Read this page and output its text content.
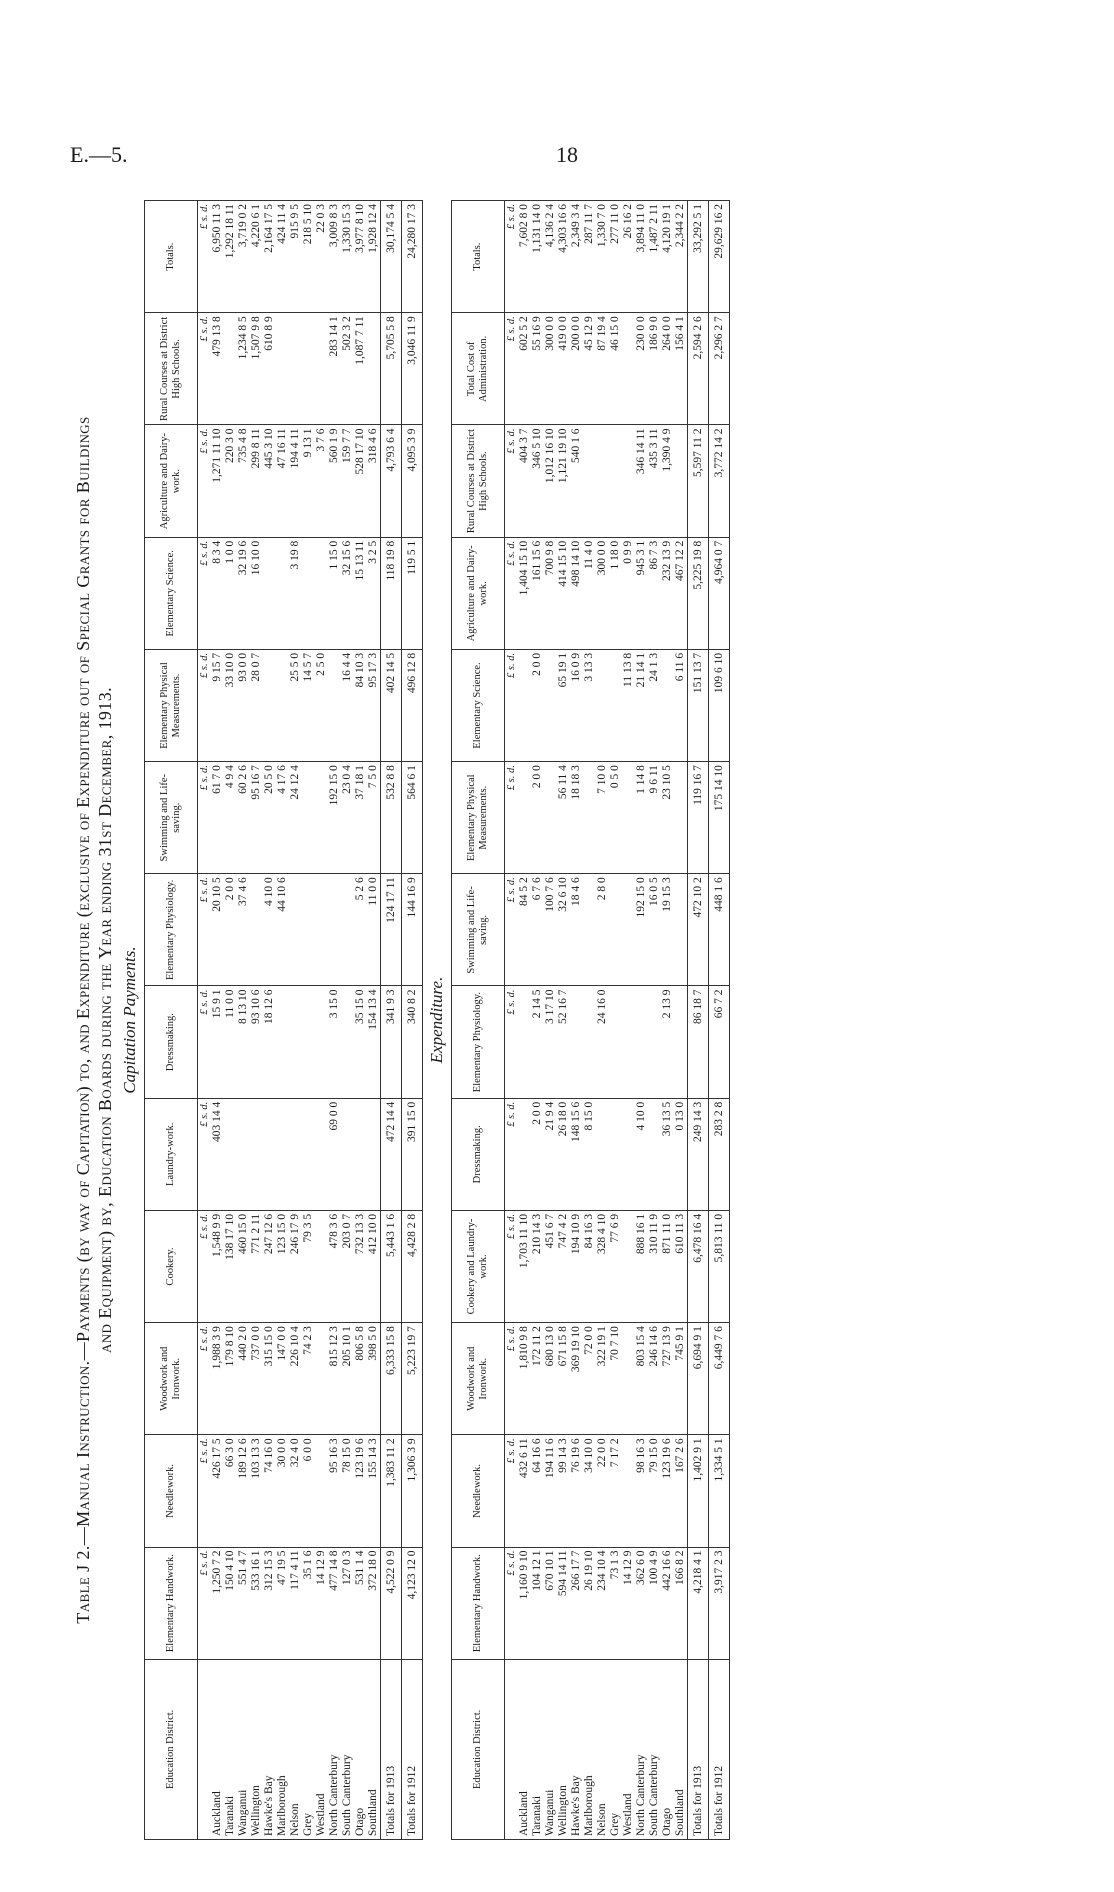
E.—5.	18
Table J 2.—Manual Instruction.—Payments (by way of Capitation) to, and Expenditure (exclusive of Expenditure out of Special Grants for Buildings and Equipment) by, Education Boards during the Year ending 31st December, 1913. Capitation Payments.
Education District.	Elementary Handwork.	Needlework.	Woodwork and Ironwork.	Cookery.	Laundry-work.	Dressmaking.	Elementary Physiology.	Swimming and Life-saving.	Elementary Physical Measurements.	Elementary Science.	Agriculture and Dairy-work.	Rural Courses at District High Schools.	Totals.
	£ s. d.	£ s. d.	£ s. d.	£ s. d.	£ s. d.	£ s. d.	£ s. d.	£ s. d.	£ s. d.	£ s. d.	£ s. d.	£ s. d.	£ s. d.
Auckland	1,250 7 2	426 17 5	1,988 3 9	1,548 9 9	403 14 4	15 9 1	20 10 5	61 7 0	9 15 7	8 3 4	1,271 11 10	479 13 8	6,950 11 3
Taranaki	150 4 10	66 3 0	179 8 10	138 17 10		11 0 0	2 0 0	4 9 4	33 10 0	1 0 0	220 3 0		1,292 18 11
Wanganui	551 4 7	189 12 6	440 2 0	460 15 0		8 13 10	37 4 6	60 2 6	93 0 0	32 19 6	735 4 8	1,234 8 5	3,719 0 2
Wellington	533 16 1	103 13 3	737 0 0	771 2 11		93 10 6		95 16 7	28 0 7	16 10 0	299 8 11	1,507 9 8	4,220 6 1
Hawke's Bay	312 15 3	74 16 0	315 15 0	247 12 6		18 12 6	4 10 0	20 5 0			445 3 10	610 8 9	2,164 17 5
Marlborough	47 19 5	30 0 0	147 0 0	123 15 0			44 10 6	4 17 6			47 16 11		424 11 4
Nelson	117 4 11	32 4 0	226 10 4	246 17 9				24 12 4	25 5 0	3 19 8	194 4 11		915 9 5
Grey	35 1 6	6 0 0	74 2 3	79 3 5					14 5 7		9 13 1		218 5 10
Westland	14 12 9								2 5 0		3 7 6		22 0 3
North Canterbury	477 14 8	95 16 3	815 12 3	478 3 6	69 0 0	3 15 0		192 15 0		1 15 0	560 1 9	283 14 1	3,009 8 3
South Canterbury	127 0 3	78 15 0	205 10 1	203 0 7				23 0 4	16 4 4	32 15 6	159 7 7	502 3 2	1,330 15 3
Otago	531 1 4	123 19 6	806 5 8	732 13 3		35 15 0	5 2 6	37 18 1	84 10 3	15 13 11	528 17 10	1,087 7 11	3,977 8 10
Southland	372 18 0	155 14 3	398 5 0	412 10 0		154 13 4	11 0 0	7 5 0	95 17 3	3 2 5	318 4 6		1,928 12 4
Totals for 1913	4,522 0 9	1,383 11 2	6,333 15 8	5,443 1 6	472 14 4	341 9 3	124 17 11	532 8 8	402 14 5	118 19 8	4,793 6 4	5,705 5 8	30,174 5 4
Totals for 1912	4,123 12 0	1,306 3 9	5,223 19 7	4,428 2 8	391 15 0	340 8 2	144 16 9	564 6 1	496 12 8	119 5 1	4,095 3 9	3,046 11 9	24,280 17 3
Expenditure.
Education District.	Elementary Handwork.	Needlework.	Woodwork and Ironwork.	Cookery and Laundry-work.	Dressmaking.	Elementary Physiology.	Swimming and Life-saving.	Elementary Physical Measurements.	Elementary Science.	Agriculture and Dairy-work.	Rural Courses at District High Schools.	Total Cost of Administration.	Totals.
	£ s. d.	£ s. d.	£ s. d.	£ s. d.	£ s. d.	£ s. d.	£ s. d.	£ s. d.	£ s. d.	£ s. d.	£ s. d.	£ s. d.	£ s. d.
Auckland	1,160 9 10	432 6 11	1,810 9 8	1,703 11 10			84 5 2			1,404 15 10	404 3 7	602 5 2	7,602 8 0
Taranaki	104 12 1	64 16 6	172 11 2	210 14 3	2 0 0	2 14 5	6 7 6	2 0 0	2 0 0	161 15 6	346 5 10	55 16 9	1,131 14 0
Wanganui	670 10 1	194 11 6	680 13 0	451 6 7	21 9 4	3 17 10	100 7 6			700 9 8	1,012 16 10	300 0 0	4,136 2 4
Wellington	594 14 11	99 14 3	671 15 8	747 4 2	26 18 0	52 16 7	32 6 10	56 11 4	65 19 1	414 15 10	1,121 19 10	419 0 0	4,303 16 6
Hawke's Bay	266 17 7	76 19 6	369 19 10	194 10 9	148 15 6		18 4 6	18 18 3	16 0 9	498 14 10	540 1 6	200 0 0	2,349 3 4
Marlborough	26 19 10	34 10 0	72 0 0	84 16 3	8 15 0				3 13 3	11 4 0		45 12 9	287 11 7
Nelson	234 10 4	22 0 0	322 19 1	328 4 10		24 16 0	2 8 0	7 10 0		300 0 0		87 19 4	1,330 7 0
Grey	73 1 3	7 17 2	70 7 10	77 6 9				0 5 0		1 18 0		46 15 0	277 11 0
Westland	14 12 9								11 13 8	0 9 9			26 16 2
North Canterbury	362 6 0	98 16 3	803 15 4	888 16 1	4 10 0		192 15 0	1 14 8	21 14 1	945 3 1	346 14 11	230 0 0	3,894 11 0
South Canterbury	100 4 9	79 15 0	246 14 6	310 11 9			16 0 5	9 6 11	24 1 3	86 7 3	435 3 11	186 9 0	1,487 2 11
Otago	442 16 6	123 19 6	727 13 9	871 11 0	36 13 5	2 13 9	19 15 3	23 10 5		232 13 9	1,390 4 9	264 0 0	4,120 19 1
Southland	166 8 2	167 2 6	745 9 1	610 11 3	0 13 0				6 11 6	467 12 2		156 4 1	2,344 2 2
Totals for 1913	4,218 4 1	1,402 9 1	6,694 9 1	6,478 16 4	249 14 3	86 18 7	472 10 2	119 16 7	151 13 7	5,225 19 8	5,597 11 2	2,594 2 6	33,292 5 1
Totals for 1912	3,917 2 3	1,334 5 1	6,449 7 6	5,813 11 0	283 2 8	66 7 2	448 1 6	175 14 10	109 6 10	4,964 0 7	3,772 14 2	2,296 2 7	29,629 16 2
